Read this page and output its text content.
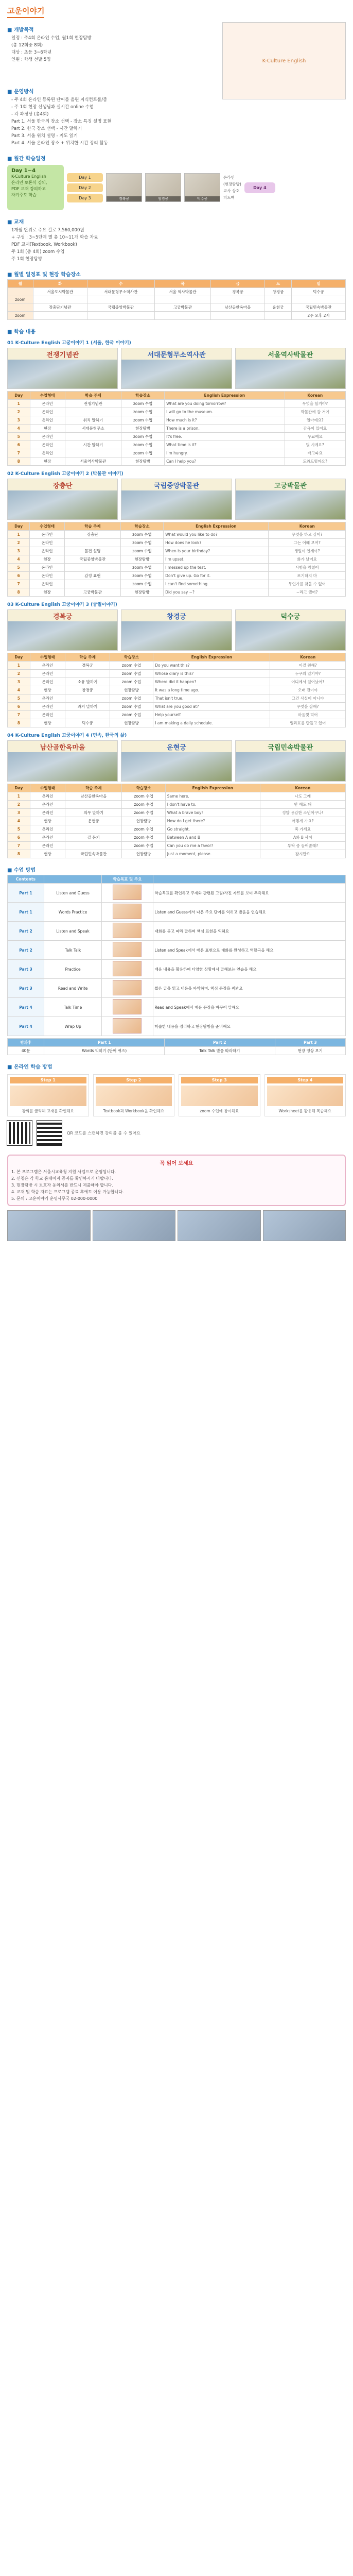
고운이야기
■ 개발목적
일정 : 주4회 온라인 수업, 월1회 현장탐방
(총 12회중 8회)
대상 : 초등 3~6학년
인원 : 학생 선발 5명	K-Culture English
■ 운영방식
- 주 4회 온라인 등록된 단어를 올린 지식컨트롤/줌
- 주 1회 현장 선생님과 실시간 online 수업
- 각 과정당 (총4회)
Part 1. 서울 한국의 장소 선택 - 장소 특징 설명 표현
Part 2. 한국 장소 선택 - 시간 말하기
Part 3. 서울 위치 설명 - 지도 읽기
Part 4. 서울 온라인 장소 + 위치한 시간 정리 활동
■ 월간 학습일정
Day 1~4
K-Culture English
온라인 토론식 강의,
PDF 교재 강의하고
자기주도 학습
Day 1
Day 2
Day 3	경복궁	창경궁	덕수궁
온라인
(현장탐방)
교사 상호
피드백
Day 4
■ 교재
1개월 단위로 주요 길로 7,560,000원
+ 구성 : 3~5단계 별 총 10~11개 학습 자료
PDF 교재(Textbook, Workbook)
주 1회 (총 4회) zoom 수업
주 1회 현장탐방
■ 월별 일정표 및 현장 학습장소
월	화	수	목	금	토	일
	서울도시박물관	서대문형무소역사관	서울 역사박물관	경복궁	창경궁	덕수궁
zoom						
	장충단기념관	국립중앙박물관	고궁박물관	남산골한옥마을	운현궁	국립민속박물관
zoom						2주 오후 2시
■ 학습 내용
01 K-Culture English 고궁이야기 1 (서울, 한국 이야기)
전쟁기념관	서대문형무소역사관	서울역사박물관
Day	수업형태	학습 주제	학습장소	English Expression	Korean
1	온라인	전쟁기념관	zoom 수업	What are you doing tomorrow?	무엇을 할거야?
2	온라인		zoom 수업	I will go to the museum.	박물관에 갈 거야
3	온라인	위치 말하기	zoom 수업	How much is it?	얼마예요?
4	현장	서대문형무소	현장탐방	There is a prison.	감옥이 있어요
5	온라인		zoom 수업	It's free.	무료예요
6	온라인	시간 말하기	zoom 수업	What time is it?	몇 시예요?
7	온라인		zoom 수업	I'm hungry.	배고파요
8	현장	서울역사박물관	현장탐방	Can I help you?	도와드릴까요?
02 K-Culture English 고궁이야기 2 (박물관 이야기)
장충단	국립중앙박물관	고궁박물관
Day	수업형태	학습 주제	학습장소	English Expression	Korean
1	온라인	장충단	zoom 수업	What would you like to do?	무엇을 하고 싶어?
2	온라인		zoom 수업	How does he look?	그는 어때 보여?
3	온라인	물건 설명	zoom 수업	When is your birthday?	생일이 언제야?
4	현장	국립중앙박물관	현장탐방	I'm upset.	화가 났어요
5	온라인		zoom 수업	I messed up the test.	시험을 망쳤어
6	온라인	감정 표현	zoom 수업	Don't give up. Go for it.	포기하지 마
7	온라인		zoom 수업	I can't find something.	무언가를 찾을 수 없어
8	현장	고궁박물관	현장탐방	Did you say ~?	~라고 했어?
03 K-Culture English 고궁이야기 3 (궁궐이야기)
경복궁	창경궁	덕수궁
Day	수업형태	학습 주제	학습장소	English Expression	Korean
1	온라인	경복궁	zoom 수업	Do you want this?	이걸 원해?
2	온라인		zoom 수업	Whose diary is this?	누구의 일기야?
3	온라인	소유 말하기	zoom 수업	Where did it happen?	어디에서 일어났어?
4	현장	창경궁	현장탐방	It was a long time ago.	오래 전이야
5	온라인		zoom 수업	That isn't true.	그건 사실이 아니야
6	온라인	과거 말하기	zoom 수업	What are you good at?	무엇을 잘해?
7	온라인		zoom 수업	Help yourself.	마음껏 먹어
8	현장	덕수궁	현장탐방	I am making a daily schedule.	일과표를 만들고 있어
04 K-Culture English 고궁이야기 4 (민속, 한국의 삶)
남산골한옥마을	운현궁	국립민속박물관
Day	수업형태	학습 주제	학습장소	English Expression	Korean
1	온라인	남산골한옥마을	zoom 수업	Same here.	나도 그래
2	온라인		zoom 수업	I don't have to.	안 해도 돼
3	온라인	의무 말하기	zoom 수업	What a brave boy!	정말 용감한 소년이구나!
4	현장	운현궁	현장탐방	How do I get there?	어떻게 가요?
5	온라인		zoom 수업	Go straight.	쭉 가세요
6	온라인	길 묻기	zoom 수업	Between A and B	A와 B 사이
7	온라인		zoom 수업	Can you do me a favor?	부탁 좀 들어줄래?
8	현장	국립민속박물관	현장탐방	Just a moment, please.	잠시만요
■ 수업 방법
Contents		학습목표 및 주요	
Part 1	Listen and Guess		학습목표를 확인하고 주제와 관련된 그림/사진 자료를 보며 추측해요
Part 1	Words Practice		Listen and Guess에서 나온 주요 단어를 익히고 발음을 연습해요
Part 2	Listen and Speak		대화를 듣고 따라 말하며 핵심 표현을 익혀요
Part 2	Talk Talk		Listen and Speak에서 배운 표현으로 대화를 완성하고 역할극을 해요
Part 3	Practice		배운 내용을 활용하여 다양한 상황에서 말해보는 연습을 해요
Part 3	Read and Write		짧은 글을 읽고 내용을 파악하며, 핵심 문장을 써봐요
Part 4	Talk Time		Read and Speak에서 배운 문장을 바꾸어 말해요
Part 4	Wrap Up		학습한 내용을 정리하고 현장탐방을 준비해요
방과후	Part 1	Part 2	Part 3
40분	Words 익히기 (단어 퀴즈)	Talk Talk 발음 따라하기	현장 영상 보기
■ 온라인 학습 방법
Step 1
강의를 클릭해 교재를 확인해요
Step 2
Textbook과 Workbook을 확인해요
Step 3
zoom 수업에 참여해요
Step 4
Worksheet를 활용해 복습해요
QR 코드를 스캔하면 강의를 볼 수 있어요
꼭 읽어 보세요
1. 본 프로그램은 서울시교육청 지원 사업으로 운영됩니다.
2. 신청은 각 학교 홈페이지 공지를 확인하시기 바랍니다.
3. 현장탐방 시 보호자 동의서를 반드시 제출해야 합니다.
4. 교재 및 학습 자료는 프로그램 종료 후에도 이용 가능합니다.
5. 문의 : 고운이야기 운영사무국 02-000-0000
